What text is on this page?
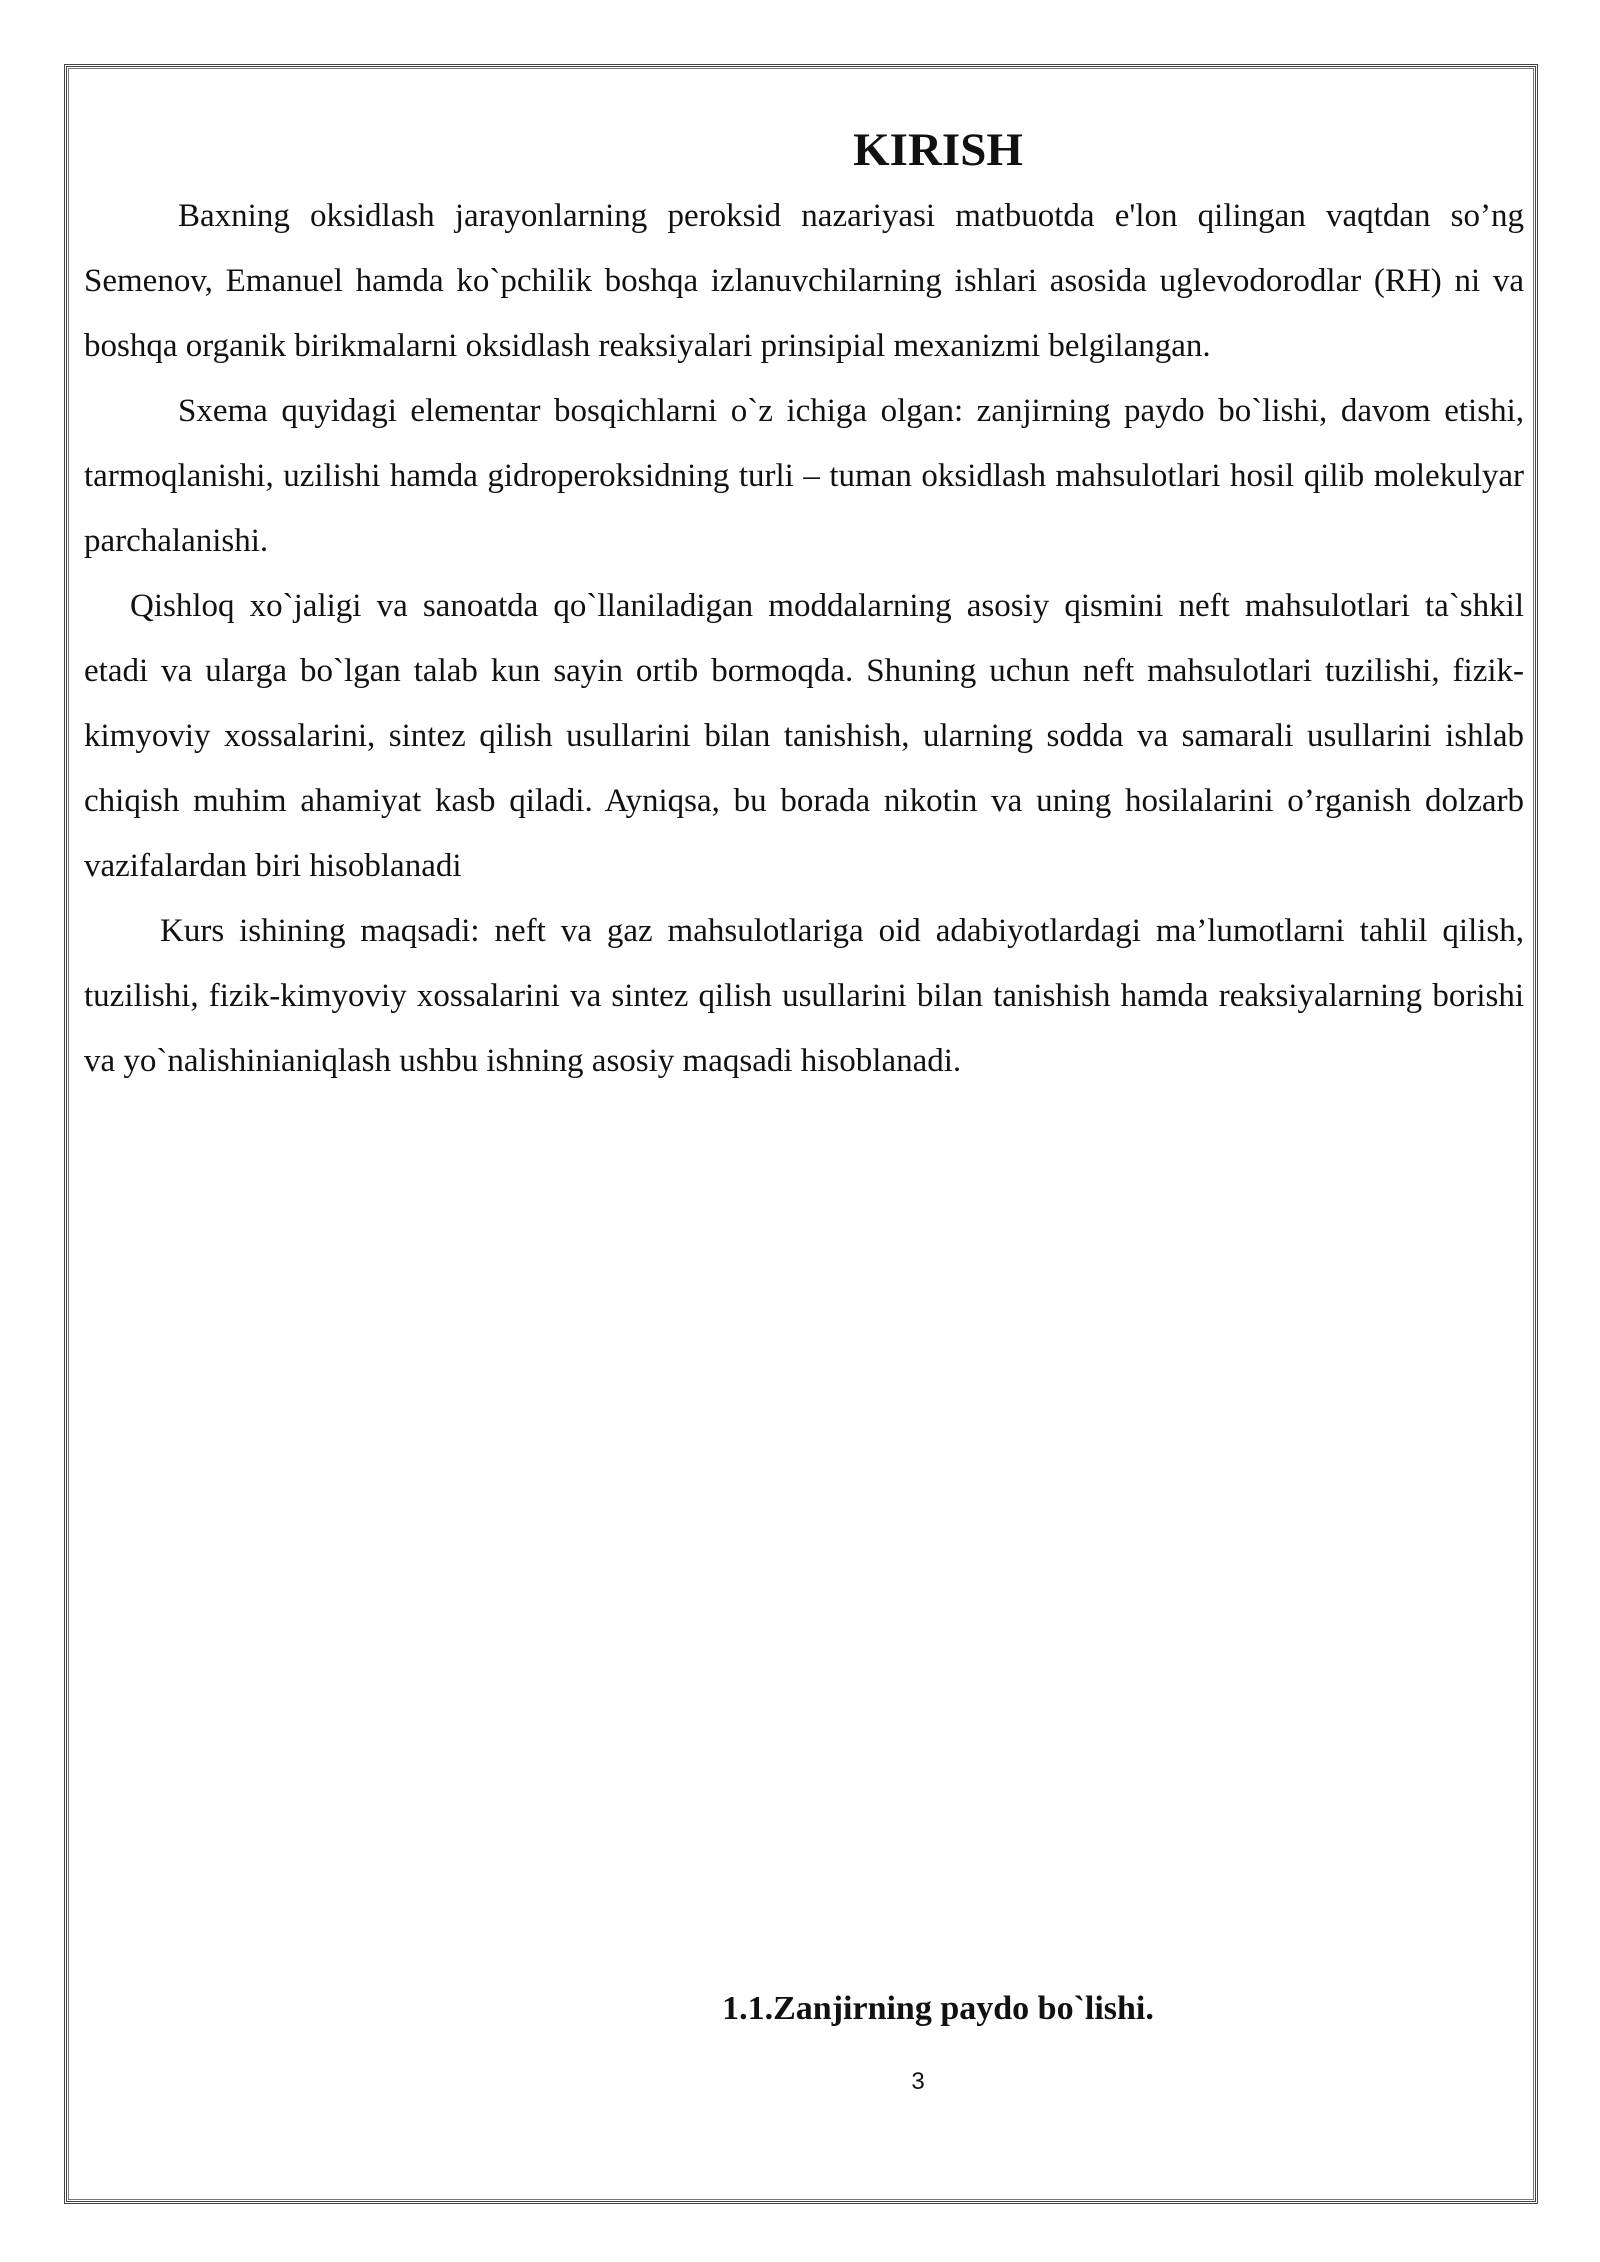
KIRISH

Baxning oksidlash jarayonlarning peroksid nazariyasi matbuotda e'lon qilingan vaqtdan so’ng Semenov, Emanuel hamda ko`pchilik boshqa izlanuvchilarning ishlari asosida uglevodorodlar (RH) ni va boshqa organik birikmalarni oksidlash reaksiyalari prinsipial mexanizmi belgilangan.

Sxema quyidagi elementar bosqichlarni o`z ichiga olgan: zanjirning paydo bo`lishi, davom etishi, tarmoqlanishi, uzilishi hamda gidroperoksidning turli – tuman oksidlash mahsulotlari hosil qilib molekulyar parchalanishi.

Qishloq xo`jaligi va sanoatda qo`llaniladigan moddalarning asosiy qismini neft mahsulotlari ta`shkil etadi va ularga bo`lgan talab kun sayin ortib bormoqda. Shuning uchun neft mahsulotlari tuzilishi, fizik-kimyoviy xossalarini, sintez qilish usullarini bilan tanishish, ularning sodda va samarali usullarini ishlab chiqish muhim ahamiyat kasb qiladi. Ayniqsa, bu borada nikotin va uning hosilalarini o’rganish dolzarb vazifalardan biri hisoblanadi

Kurs ishining maqsadi: neft va gaz mahsulotlariga oid adabiyotlardagi ma’lumotlarni tahlil qilish, tuzilishi, fizik-kimyoviy xossalarini va sintez qilish usullarini bilan tanishish hamda reaksiyalarning borishi va yo`nalishinianiqlash ushbu ishning asosiy maqsadi hisoblanadi.

1.1.Zanjirning paydo bo`lishi.
3
